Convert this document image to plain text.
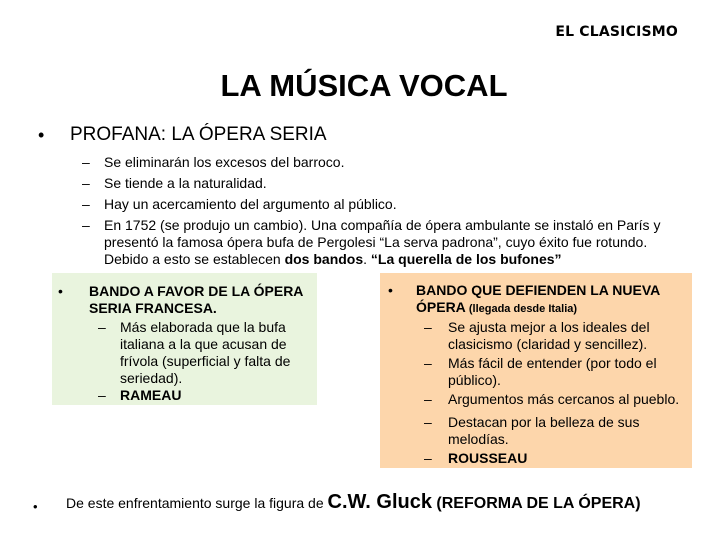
EL CLASICISMO
LA MÚSICA VOCAL
• PROFANA: LA ÓPERA SERIA
– Se eliminarán los excesos del barroco.
– Se tiende a la naturalidad.
– Hay un acercamiento del argumento al público.
– En 1752 (se produjo un cambio). Una compañía de ópera ambulante se instaló en París y
presentó la famosa ópera bufa de Pergolesi “La serva padrona”, cuyo éxito fue rotundo.
Debido a esto se establecen dos bandos. “La querella de los bufones”
• BANDO A FAVOR DE LA ÓPERA
SERIA FRANCESA.
– Más elaborada que la bufa
italiana a la que acusan de
frívola (superficial y falta de
seriedad).
– RAMEAU
• BANDO QUE DEFIENDEN LA NUEVA
ÓPERA (llegada desde Italia)
– Se ajusta mejor a los ideales del
clasicismo (claridad y sencillez).
– Más fácil de entender (por todo el
público).
– Argumentos más cercanos al pueblo.
– Destacan por la belleza de sus
melodías.
– ROUSSEAU
• De este enfrentamiento surge la figura de C.W. Gluck (REFORMA DE LA ÓPERA)
